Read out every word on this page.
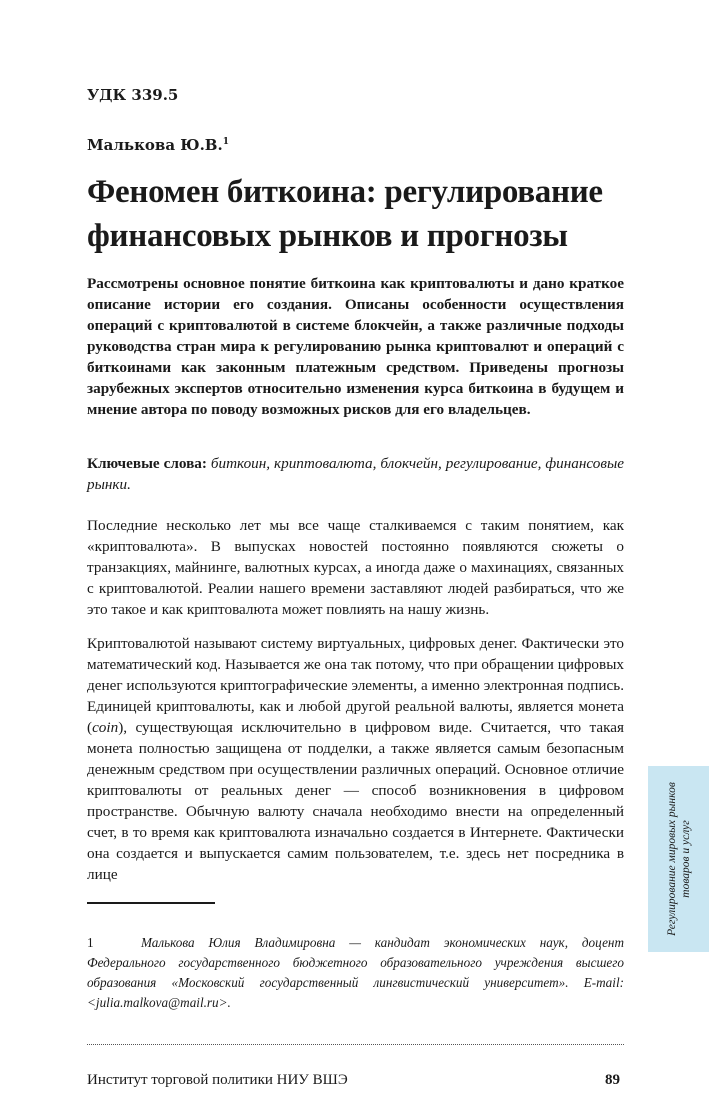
УДК 339.5
Малькова Ю.В.$^1$
Феномен биткоина: регулирование финансовых рынков и прогнозы

Рассмотрены основное понятие биткоина как криптовалюты и дано краткое описание истории его создания. Описаны особенности осуществления операций с криптовалютой в системе блокчейн, а также различные подходы руководства стран мира к регулированию рынка криптовалют и операций с биткоинами как законным платежным средством. Приведены прогнозы зарубежных экспертов относительно изменения курса биткоина в будущем и мнение автора по поводу возможных рисков для его владельцев.

Ключевые слова: биткоин, криптовалюта, блокчейн, регулирование, финансовые рынки.

Последние несколько лет мы все чаще сталкиваемся с таким понятием, как «криптовалюта». В выпусках новостей постоянно появляются сюжеты о транзакциях, майнинге, валютных курсах, а иногда даже о махинациях, связанных с криптовалютой. Реалии нашего времени заставляют людей разбираться, что же это такое и как криптовалюта может повлиять на нашу жизнь.

Криптовалютой называют систему виртуальных, цифровых денег. Фактически это математический код. Называется же она так потому, что при обращении цифровых денег используются криптографические элементы, а именно электронная подпись. Единицей криптовалюты, как и любой другой реальной валюты, является монета (coin), существующая исключительно в цифровом виде. Считается, что такая монета полностью защищена от подделки, а также является самым безопасным денежным средством при осуществлении различных операций. Основное отличие криптовалюты от реальных денег — способ возникновения в цифровом пространстве. Обычную валюту сначала необходимо внести на определенный счет, в то время как криптовалюта изначально создается в Интернете. Фактически она создается и выпускается самим пользователем, т.е. здесь нет посредника в лице

1	Малькова Юлия Владимировна — кандидат экономических наук, доцент Федерального государственного бюджетного образовательного учреждения высшего образования «Московский государственный лингвистический университет». E-mail: <julia.malkova@mail.ru>.

Институт торговой политики НИУ ВШЭ	89
Регулирование мировых рынков товаров и услуг
